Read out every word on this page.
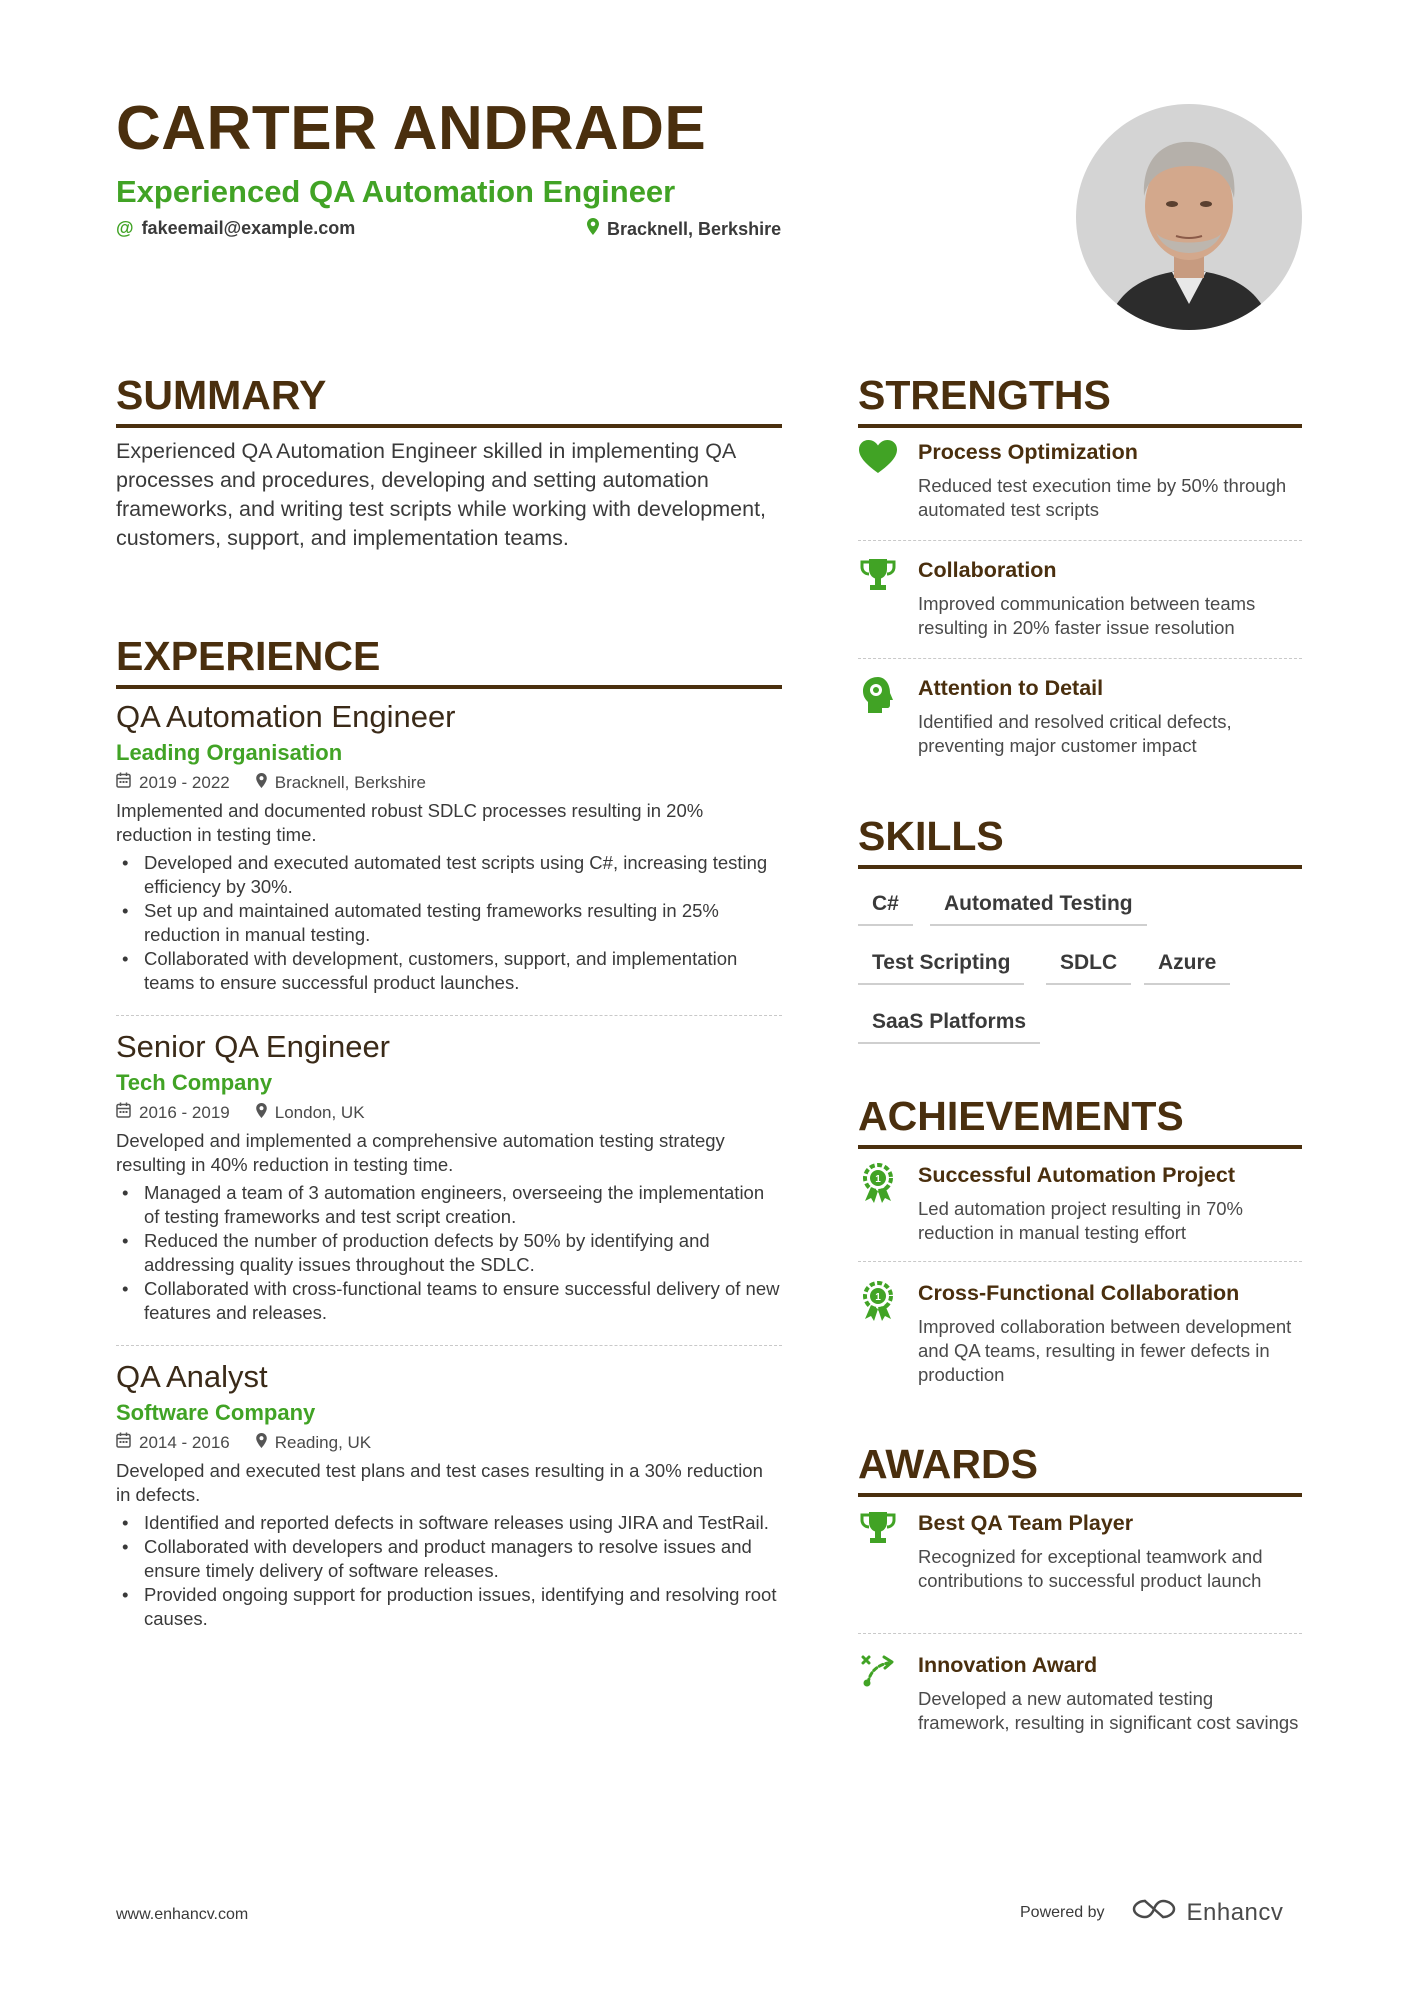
CARTER ANDRADE
Experienced QA Automation Engineer
@ fakeemail@example.com	Bracknell, Berkshire
SUMMARY
Experienced QA Automation Engineer skilled in implementing QA processes and procedures, developing and setting automation frameworks, and writing test scripts while working with development, customers, support, and implementation teams.
EXPERIENCE
QA Automation Engineer
Leading Organisation
2019 - 2022	Bracknell, Berkshire
Implemented and documented robust SDLC processes resulting in 20% reduction in testing time.
• Developed and executed automated test scripts using C#, increasing testing efficiency by 30%.
• Set up and maintained automated testing frameworks resulting in 25% reduction in manual testing.
• Collaborated with development, customers, support, and implementation teams to ensure successful product launches.
Senior QA Engineer
Tech Company
2016 - 2019	London, UK
Developed and implemented a comprehensive automation testing strategy resulting in 40% reduction in testing time.
• Managed a team of 3 automation engineers, overseeing the implementation of testing frameworks and test script creation.
• Reduced the number of production defects by 50% by identifying and addressing quality issues throughout the SDLC.
• Collaborated with cross-functional teams to ensure successful delivery of new features and releases.
QA Analyst
Software Company
2014 - 2016	Reading, UK
Developed and executed test plans and test cases resulting in a 30% reduction in defects.
• Identified and reported defects in software releases using JIRA and TestRail.
• Collaborated with developers and product managers to resolve issues and ensure timely delivery of software releases.
• Provided ongoing support for production issues, identifying and resolving root causes.
STRENGTHS
Process Optimization
Reduced test execution time by 50% through automated test scripts
Collaboration
Improved communication between teams resulting in 20% faster issue resolution
Attention to Detail
Identified and resolved critical defects, preventing major customer impact
SKILLS
C#	Automated Testing
Test Scripting	SDLC	Azure
SaaS Platforms
ACHIEVEMENTS
1 Successful Automation Project
Led automation project resulting in 70% reduction in manual testing effort
1 Cross-Functional Collaboration
Improved collaboration between development and QA teams, resulting in fewer defects in production
AWARDS
Best QA Team Player
Recognized for exceptional teamwork and contributions to successful product launch
Innovation Award
Developed a new automated testing framework, resulting in significant cost savings
www.enhancv.com	Powered by	Enhancv
